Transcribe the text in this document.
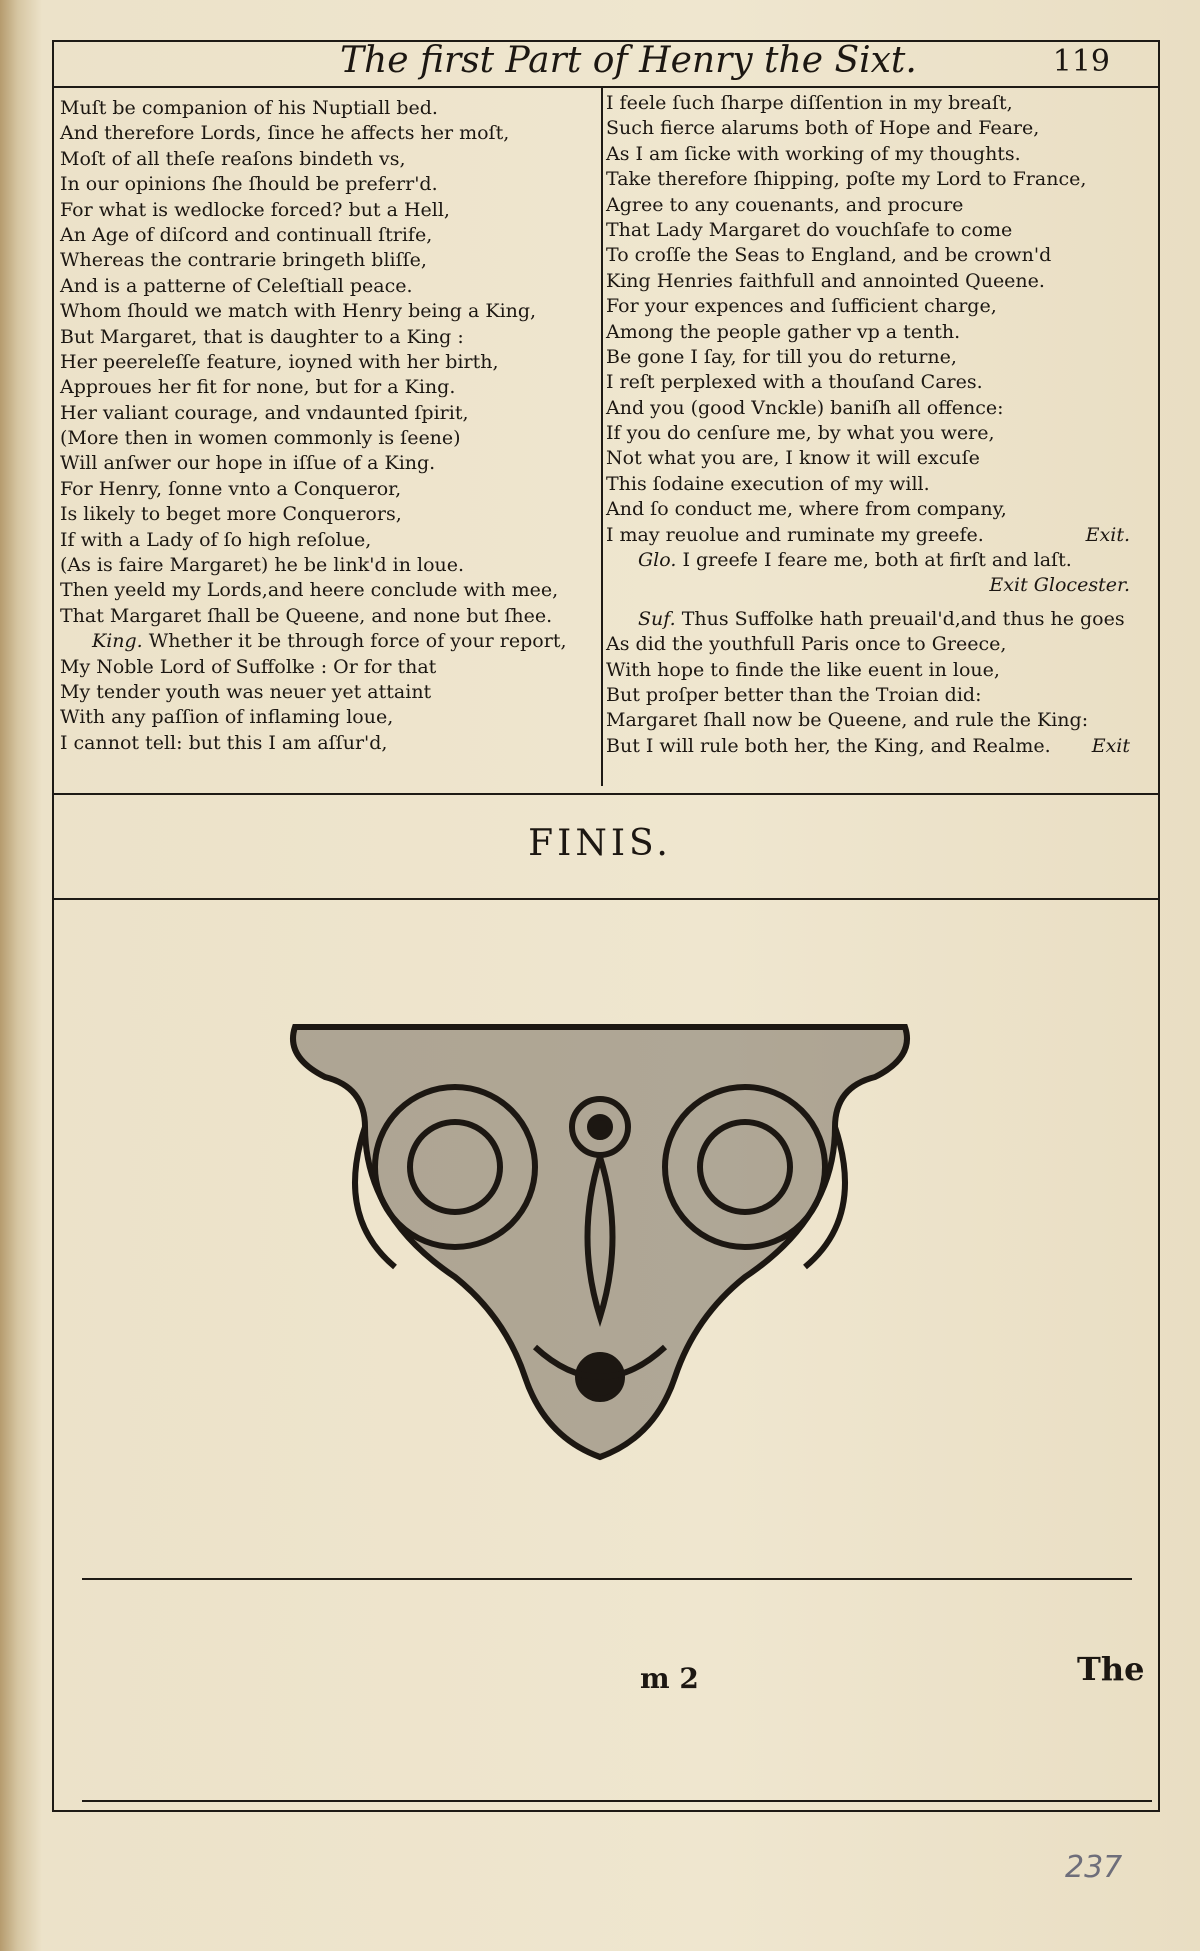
The first Part of Henry the Sixt.	119
Muſt be companion of his Nuptiall bed.
And therefore Lords, ſince he affects her moſt,
Moſt of all theſe reaſons bindeth vs,
In our opinions ſhe ſhould be preferr'd.
For what is wedlocke forced? but a Hell,
An Age of diſcord and continuall ſtrife,
Whereas the contrarie bringeth bliſſe,
And is a patterne of Celeſtiall peace.
Whom ſhould we match with Henry being a King,
But Margaret, that is daughter to a King :
Her peereleſſe feature, ioyned with her birth,
Approues her fit for none, but for a King.
Her valiant courage, and vndaunted ſpirit,
(More then in women commonly is ſeene)
Will anſwer our hope in iſſue of a King.
For Henry, ſonne vnto a Conqueror,
Is likely to beget more Conquerors,
If with a Lady of ſo high reſolue,
(As is faire Margaret) he be link'd in loue.
Then yeeld my Lords,and heere conclude with mee,
That Margaret ſhall be Queene, and none but ſhee.
King. Whether it be through force of your report,
My Noble Lord of Suffolke : Or for that
My tender youth was neuer yet attaint
With any paſſion of inflaming loue,
I cannot tell: but this I am aſſur'd,
I feele ſuch ſharpe diſſention in my breaſt,
Such fierce alarums both of Hope and Feare,
As I am ſicke with working of my thoughts.
Take therefore ſhipping, poſte my Lord to France,
Agree to any couenants, and procure
That Lady Margaret do vouchſafe to come
To croſſe the Seas to England, and be crown'd
King Henries faithfull and annointed Queene.
For your expences and ſufficient charge,
Among the people gather vp a tenth.
Be gone I ſay, for till you do returne,
I reſt perplexed with a thouſand Cares.
And you (good Vnckle) baniſh all offence:
If you do cenſure me, by what you were,
Not what you are, I know it will excuſe
This ſodaine execution of my will.
And ſo conduct me, where from company,
I may reuolue and ruminate my greefe.	Exit.
Glo. I greefe I feare me, both at firſt and laſt.
Exit Glocester.
Suf. Thus Suffolke hath preuail'd,and thus he goes
As did the youthfull Paris once to Greece,
With hope to finde the like euent in loue,
But proſper better than the Troian did:
Margaret ſhall now be Queene, and rule the King:
But I will rule both her, the King, and Realme. Exit
FINIS.
m 2	The
237
